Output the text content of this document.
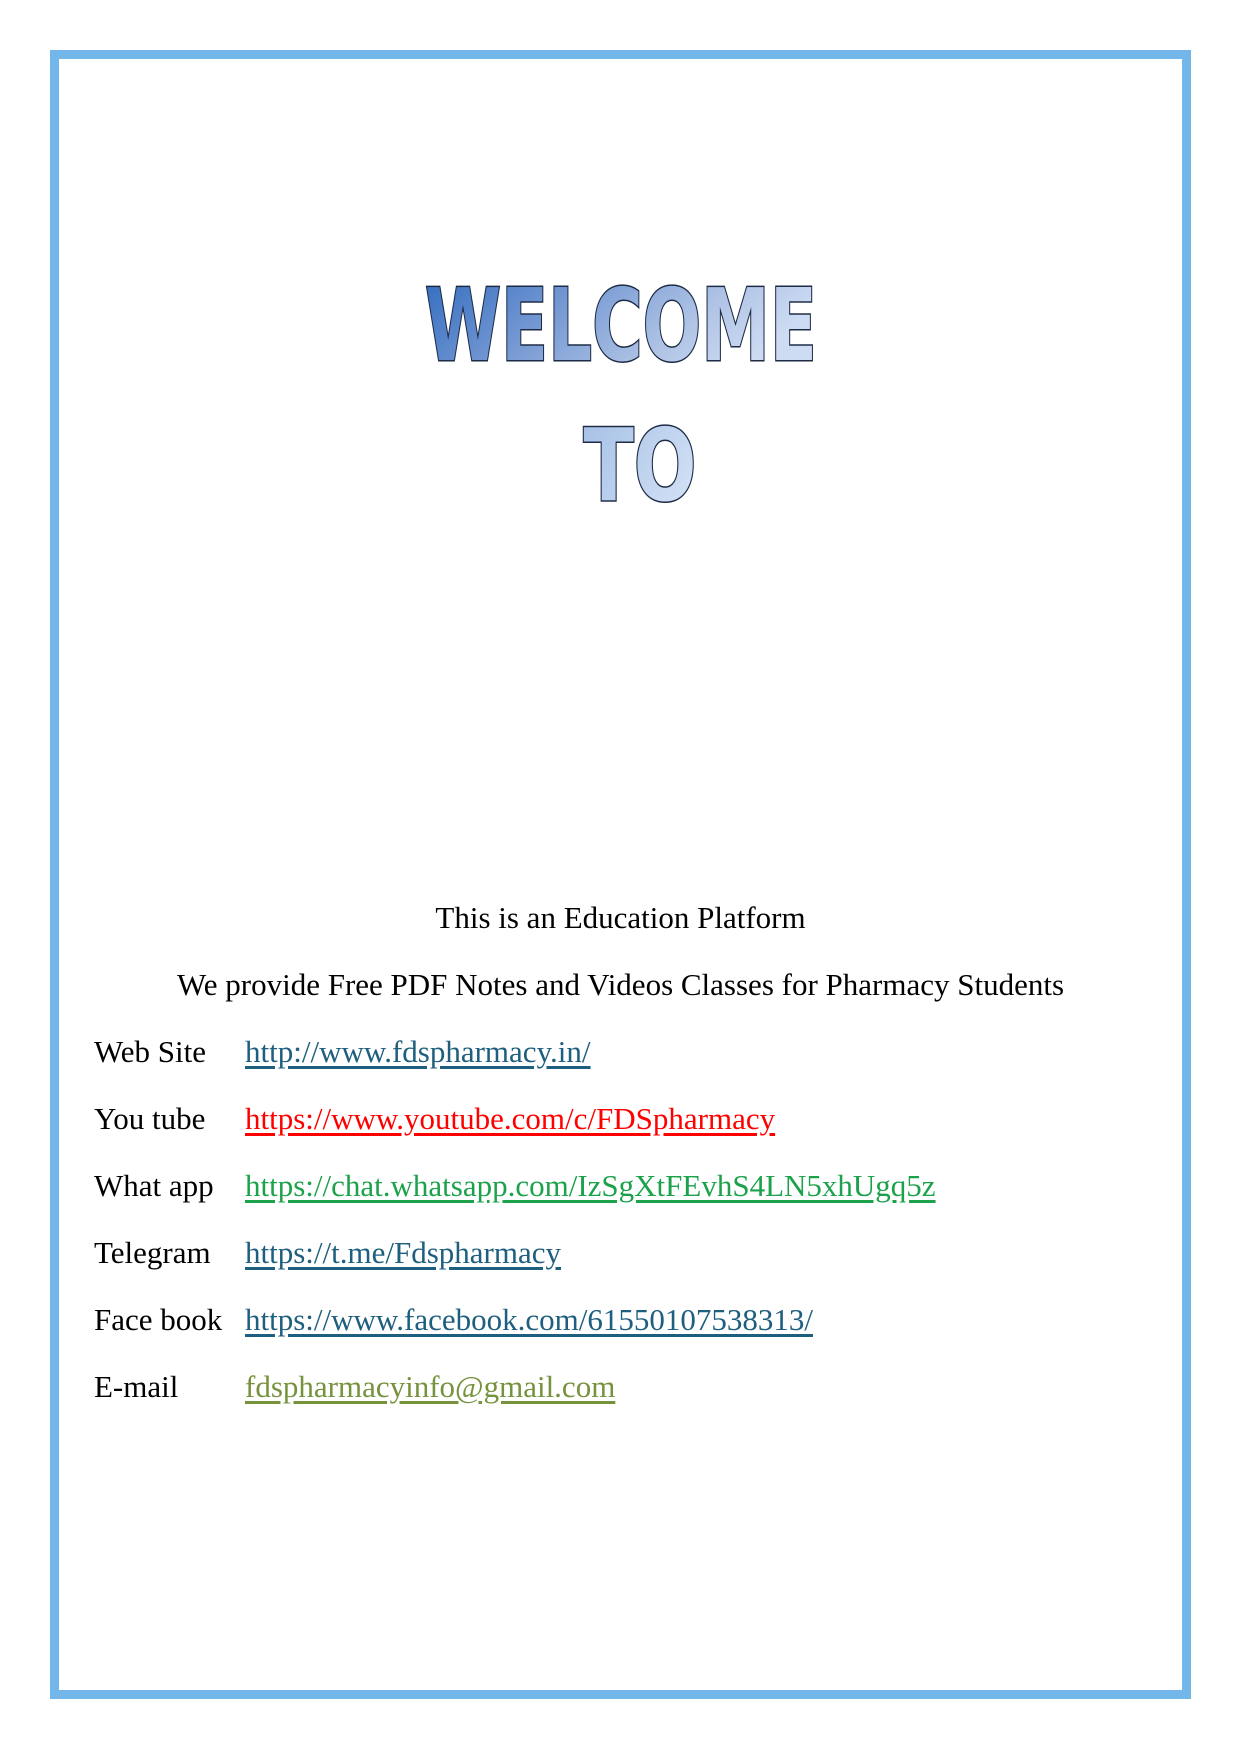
WELCOME
TO
This is an Education Platform
We provide Free PDF Notes and Videos Classes for Pharmacy Students
Web Site	http://www.fdspharmacy.in/
You tube	https://www.youtube.com/c/FDSpharmacy
What app	https://chat.whatsapp.com/IzSgXtFEvhS4LN5xhUgq5z
Telegram	https://t.me/Fdspharmacy
Face book https://www.facebook.com/61550107538313/
E-mail	fdspharmacyinfo@gmail.com
